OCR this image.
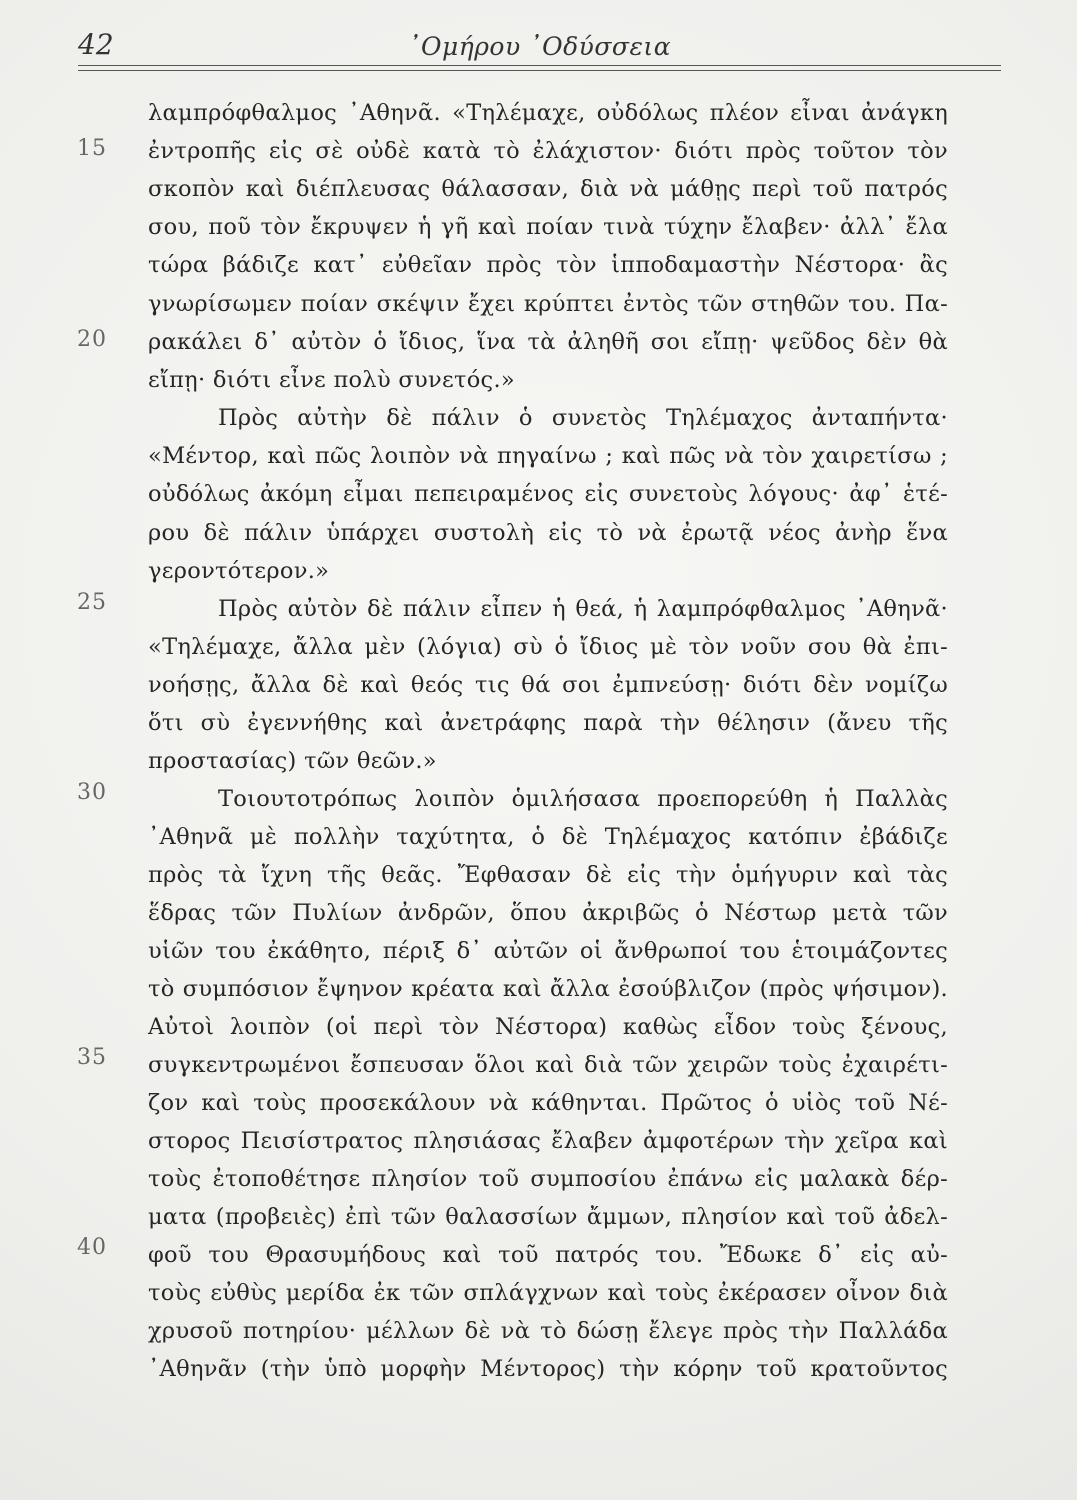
42	᾿Ομήρου ᾿Οδύσσεια
15
20
25
30
35
40
λαμπρόφθαλμος ᾿Αθηνᾶ. «Τηλέμαχε, οὐδόλως πλέον εἶναι ἀνάγκη
ἐντροπῆς εἰς σὲ οὐδὲ κατὰ τὸ ἐλάχιστον· διότι πρὸς τοῦτον τὸν
σκοπὸν καὶ διέπλευσας θάλασσαν, διὰ νὰ μάθῃς περὶ τοῦ πατρός
σου, ποῦ τὸν ἔκρυψεν ἡ γῆ καὶ ποίαν τινὰ τύχην ἔλαβεν· ἀλλ᾿ ἔλα
τώρα βάδιζε κατ᾿ εὐθεῖαν πρὸς τὸν ἱπποδαμαστὴν Νέστορα· ἂς
γνωρίσωμεν ποίαν σκέψιν ἔχει κρύπτει ἐντὸς τῶν στηθῶν του. Πα-
ρακάλει δ᾿ αὐτὸν ὁ ἴδιος, ἵνα τὰ ἀληθῆ σοι εἴπῃ· ψεῦδος δὲν θὰ
εἴπῃ· διότι εἶνε πολὺ συνετός.»
Πρὸς αὐτὴν δὲ πάλιν ὁ συνετὸς Τηλέμαχος ἀνταπήντα·
«Μέντορ, καὶ πῶς λοιπὸν νὰ πηγαίνω ; καὶ πῶς νὰ τὸν χαιρετίσω ;
οὐδόλως ἀκόμη εἶμαι πεπειραμένος εἰς συνετοὺς λόγους· ἀφ᾿ ἑτέ-
ρου δὲ πάλιν ὑπάρχει συστολὴ εἰς τὸ νὰ ἐρωτᾷ νέος ἀνὴρ ἕνα
γεροντότερον.»
Πρὸς αὐτὸν δὲ πάλιν εἶπεν ἡ θεά, ἡ λαμπρόφθαλμος ᾿Αθηνᾶ·
«Τηλέμαχε, ἄλλα μὲν (λόγια) σὺ ὁ ἴδιος μὲ τὸν νοῦν σου θὰ ἐπι-
νοήσῃς, ἄλλα δὲ καὶ θεός τις θά σοι ἐμπνεύσῃ· διότι δὲν νομίζω
ὅτι σὺ ἐγεννήθης καὶ ἀνετράφης παρὰ τὴν θέλησιν (ἄνευ τῆς
προστασίας) τῶν θεῶν.»
Τοιουτοτρόπως λοιπὸν ὁμιλήσασα προεπορεύθη ἡ Παλλὰς
᾿Αθηνᾶ μὲ πολλὴν ταχύτητα, ὁ δὲ Τηλέμαχος κατόπιν ἐβάδιζε
πρὸς τὰ ἴχνη τῆς θεᾶς. Ἔφθασαν δὲ εἰς τὴν ὁμήγυριν καὶ τὰς
ἕδρας τῶν Πυλίων ἀνδρῶν, ὅπου ἀκριβῶς ὁ Νέστωρ μετὰ τῶν
υἱῶν του ἐκάθητο, πέριξ δ᾿ αὐτῶν οἱ ἄνθρωποί του ἑτοιμάζοντες
τὸ συμπόσιον ἔψηνον κρέατα καὶ ἄλλα ἐσούβλιζον (πρὸς ψήσιμον).
Αὐτοὶ λοιπὸν (οἱ περὶ τὸν Νέστορα) καθὼς εἶδον τοὺς ξένους,
συγκεντρωμένοι ἔσπευσαν ὅλοι καὶ διὰ τῶν χειρῶν τοὺς ἐχαιρέτι-
ζον καὶ τοὺς προσεκάλουν νὰ κάθηνται. Πρῶτος ὁ υἱὸς τοῦ Νέ-
στορος Πεισίστρατος πλησιάσας ἔλαβεν ἀμφοτέρων τὴν χεῖρα καὶ
τοὺς ἐτοποθέτησε πλησίον τοῦ συμποσίου ἐπάνω εἰς μαλακὰ δέρ-
ματα (προβειὲς) ἐπὶ τῶν θαλασσίων ἄμμων, πλησίον καὶ τοῦ ἀδελ-
φοῦ του Θρασυμήδους καὶ τοῦ πατρός του. Ἔδωκε δ᾿ εἰς αὐ-
τοὺς εὐθὺς μερίδα ἐκ τῶν σπλάγχνων καὶ τοὺς ἐκέρασεν οἶνον διὰ
χρυσοῦ ποτηρίου· μέλλων δὲ νὰ τὸ δώσῃ ἔλεγε πρὸς τὴν Παλλάδα
᾿Αθηνᾶν (τὴν ὑπὸ μορφὴν Μέντορος) τὴν κόρην τοῦ κρατοῦντος
